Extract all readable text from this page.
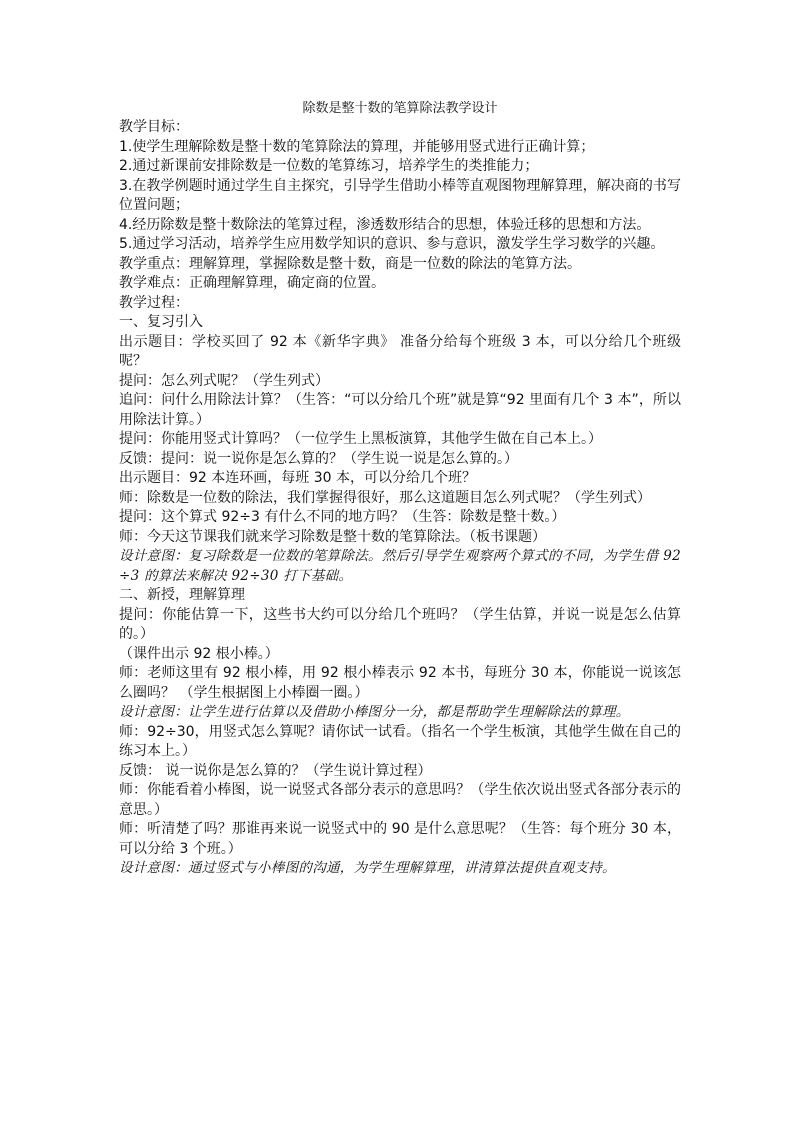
除数是整十数的笔算除法教学设计

教学目标：

1.使学生理解除数是整十数的笔算除法的算理，并能够用竖式进行正确计算；

2.通过新课前安排除数是一位数的笔算练习，培养学生的类推能力；

3.在教学例题时通过学生自主探究，引导学生借助小棒等直观图物理解算理，解决商的书写位置问题；

4.经历除数是整十数除法的笔算过程，渗透数形结合的思想，体验迁移的思想和方法。

5.通过学习活动，培养学生应用数学知识的意识、参与意识，激发学生学习数学的兴趣。

教学重点：理解算理，掌握除数是整十数，商是一位数的除法的笔算方法。

教学难点：正确理解算理，确定商的位置。

教学过程：

一、复习引入

出示题目：学校买回了 92 本《新华字典》 准备分给每个班级 3 本，可以分给几个班级呢？

提问：怎么列式呢？（学生列式）

追问：问什么用除法计算？（生答：“可以分给几个班”就是算“92 里面有几个 3 本”，所以用除法计算。）

提问：你能用竖式计算吗？（一位学生上黑板演算，其他学生做在自己本上。）

反馈：提问：说一说你是怎么算的？（学生说一说是怎么算的。）

出示题目：92 本连环画，每班 30 本，可以分给几个班？

师：除数是一位数的除法，我们掌握得很好，那么这道题目怎么列式呢？（学生列式）

提问：这个算式 92÷3 有什么不同的地方吗？（生答：除数是整十数。）

师：今天这节课我们就来学习除数是整十数的笔算除法。（板书课题）

设计意图：复习除数是一位数的笔算除法。然后引导学生观察两个算式的不同，为学生借 92÷3 的算法来解决 92÷30 打下基础。

二、新授，理解算理

提问：你能估算一下，这些书大约可以分给几个班吗？（学生估算，并说一说是怎么估算的。）

（课件出示 92 根小棒。）

师：老师这里有 92 根小棒，用 92 根小棒表示 92 本书，每班分 30 本，你能说一说该怎么圈吗？ （学生根据图上小棒圈一圈。）

设计意图：让学生进行估算以及借助小棒图分一分，都是帮助学生理解除法的算理。

师：92÷30，用竖式怎么算呢？请你试一试看。（指名一个学生板演，其他学生做在自己的练习本上。）

反馈： 说一说你是怎么算的？（学生说计算过程）

师：你能看着小棒图，说一说竖式各部分表示的意思吗？（学生依次说出竖式各部分表示的意思。）

师：听清楚了吗？那谁再来说一说竖式中的 90 是什么意思呢？（生答：每个班分 30 本，可以分给 3 个班。）

设计意图：通过竖式与小棒图的沟通，为学生理解算理，讲清算法提供直观支持。
